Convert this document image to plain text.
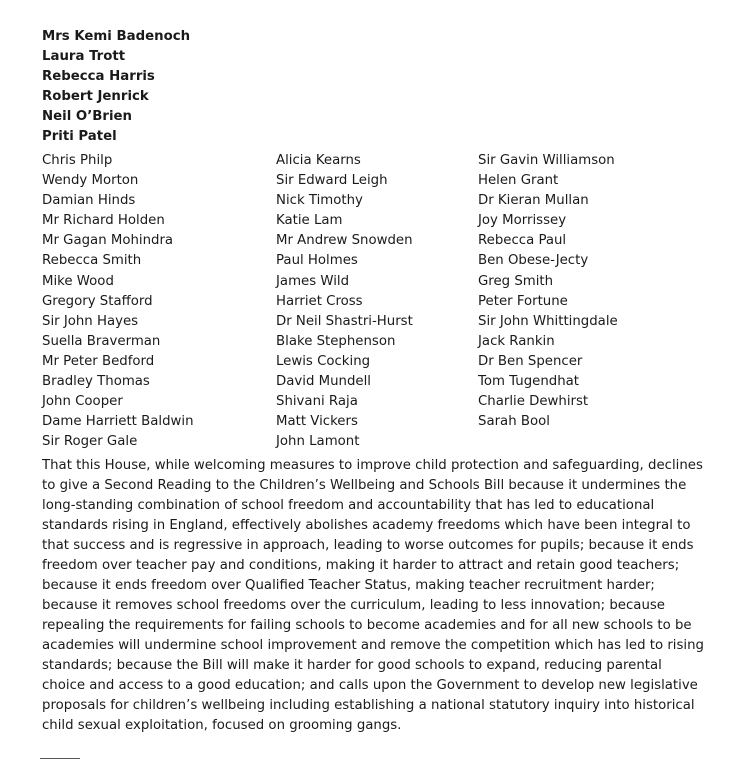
Mrs Kemi Badenoch
Laura Trott
Rebecca Harris
Robert Jenrick
Neil O’Brien
Priti Patel
Chris Philp
Wendy Morton
Damian Hinds
Mr Richard Holden
Mr Gagan Mohindra
Rebecca Smith
Mike Wood
Gregory Stafford
Sir John Hayes
Suella Braverman
Mr Peter Bedford
Bradley Thomas
John Cooper
Dame Harriett Baldwin
Sir Roger Gale
Alicia Kearns
Sir Edward Leigh
Nick Timothy
Katie Lam
Mr Andrew Snowden
Paul Holmes
James Wild
Harriet Cross
Dr Neil Shastri-Hurst
Blake Stephenson
Lewis Cocking
David Mundell
Shivani Raja
Matt Vickers
John Lamont
Sir Gavin Williamson
Helen Grant
Dr Kieran Mullan
Joy Morrissey
Rebecca Paul
Ben Obese-Jecty
Greg Smith
Peter Fortune
Sir John Whittingdale
Jack Rankin
Dr Ben Spencer
Tom Tugendhat
Charlie Dewhirst
Sarah Bool
That this House, while welcoming measures to improve child protection and safeguarding, declines
to give a Second Reading to the Children’s Wellbeing and Schools Bill because it undermines the
long-standing combination of school freedom and accountability that has led to educational
standards rising in England, effectively abolishes academy freedoms which have been integral to
that success and is regressive in approach, leading to worse outcomes for pupils; because it ends
freedom over teacher pay and conditions, making it harder to attract and retain good teachers;
because it ends freedom over Qualified Teacher Status, making teacher recruitment harder;
because it removes school freedoms over the curriculum, leading to less innovation; because
repealing the requirements for failing schools to become academies and for all new schools to be
academies will undermine school improvement and remove the competition which has led to rising
standards; because the Bill will make it harder for good schools to expand, reducing parental
choice and access to a good education; and calls upon the Government to develop new legislative
proposals for children’s wellbeing including establishing a national statutory inquiry into historical
child sexual exploitation, focused on grooming gangs.
